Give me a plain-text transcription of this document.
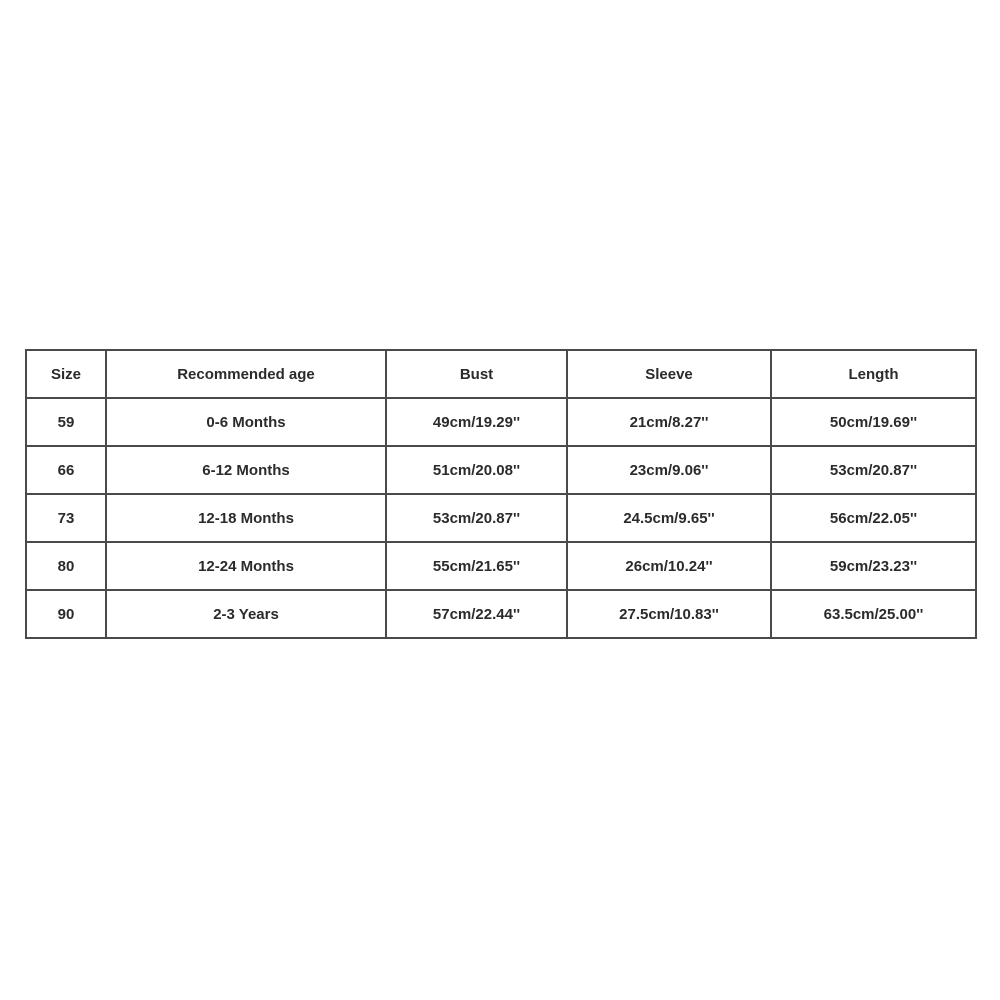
Size	Recommended age	Bust	Sleeve	Length
59	0-6 Months	49cm/19.29''	21cm/8.27''	50cm/19.69''
66	6-12 Months	51cm/20.08''	23cm/9.06''	53cm/20.87''
73	12-18 Months	53cm/20.87''	24.5cm/9.65''	56cm/22.05''
80	12-24 Months	55cm/21.65''	26cm/10.24''	59cm/23.23''
90	2-3 Years	57cm/22.44''	27.5cm/10.83''	63.5cm/25.00''
